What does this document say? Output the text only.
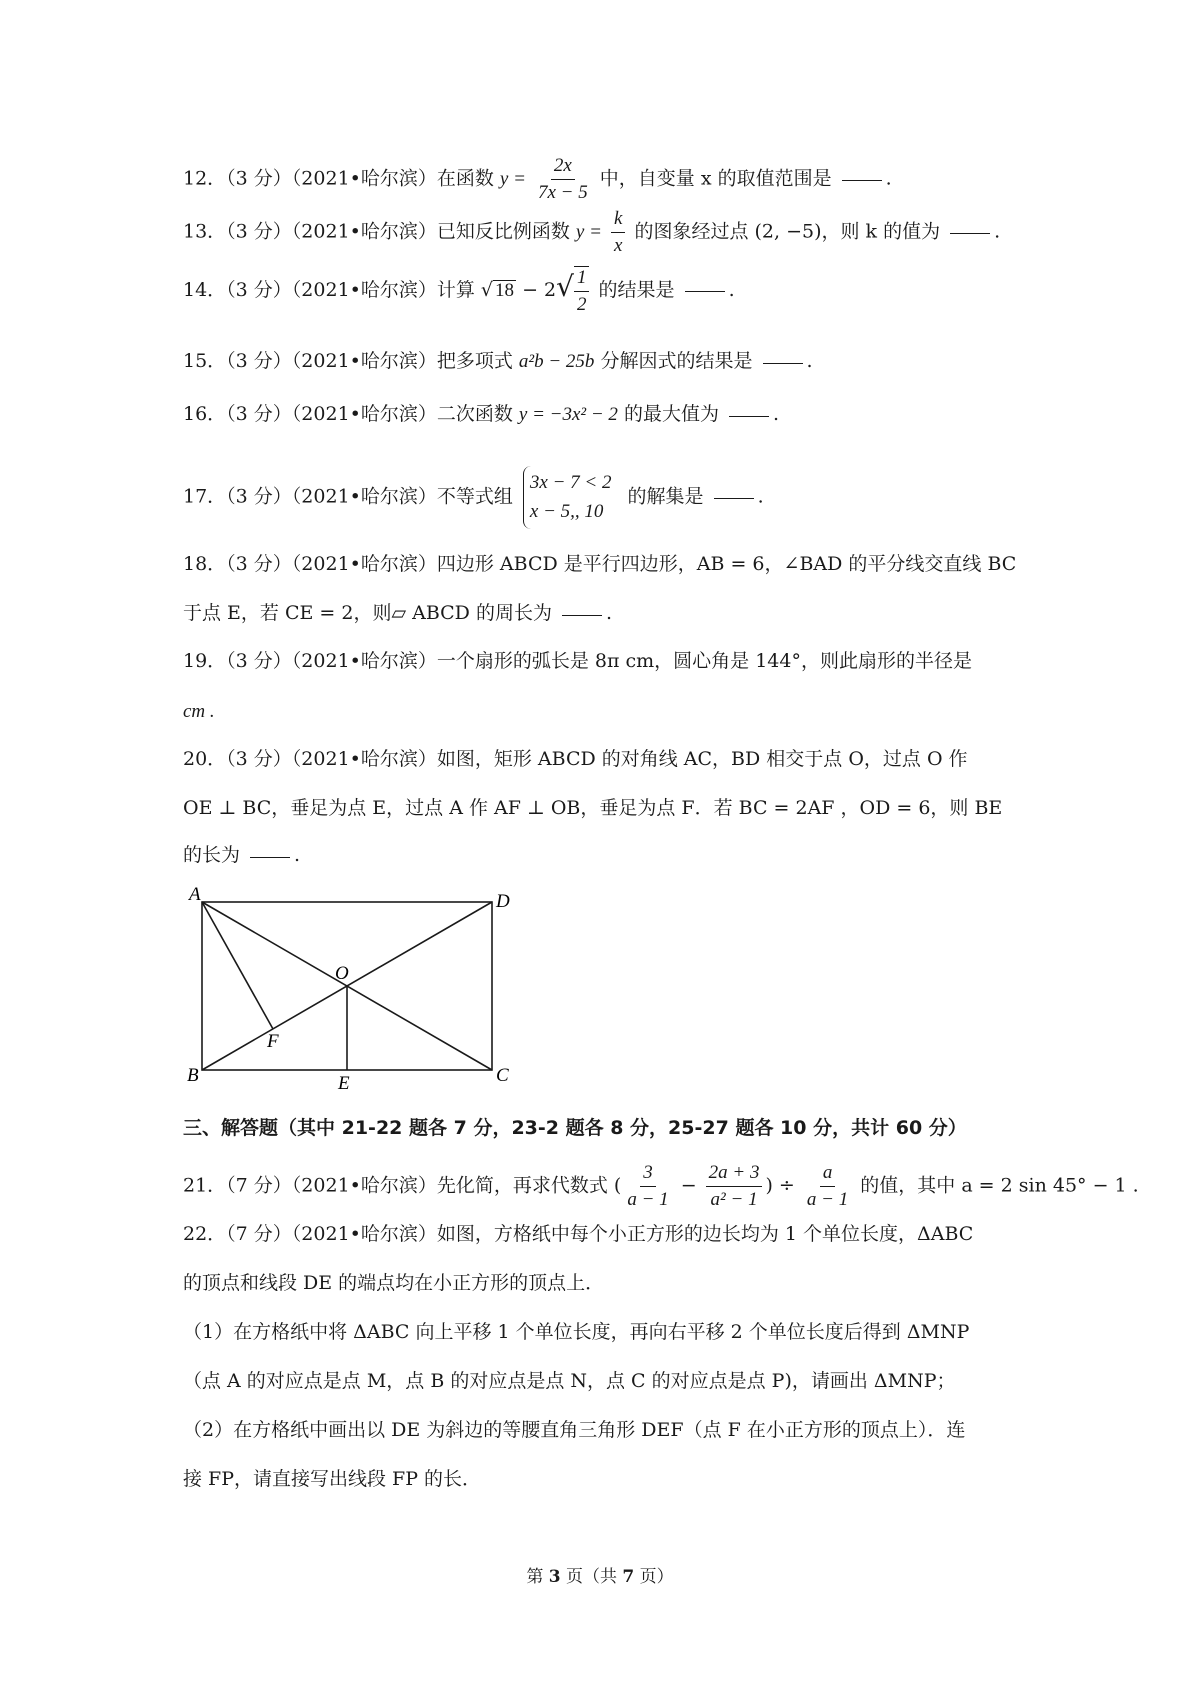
12．（3 分）（2021•哈尔滨）在函数 $y = \frac{2x}{7x - 5}$ 中，自变量 x 的取值范围是	.
13．（3 分）（2021•哈尔滨）已知反比例函数 $y = \frac{k}{x}$ 的图象经过点 (2, −5)，则 k 的值为	.
14．（3 分）（2021•哈尔滨）计算 √ $18 - 2√ \frac{1}{2}$ 的结果是	.
15．（3 分）（2021•哈尔滨）把多项式 a²b − 25b 分解因式的结果是	.
16．（3 分）（2021•哈尔滨）二次函数 y = −3x² − 2 的最大值为	.
17．（3 分）（2021•哈尔滨）不等式组
3x − 7 < 2
x − 5,, 10
的解集是	.
18．（3 分）（2021•哈尔滨）四边形 ABCD 是平行四边形，AB = 6，∠BAD 的平分线交直线 BC
于点 E，若 CE = 2，则▱ ABCD 的周长为	.
19．（3 分）（2021•哈尔滨）一个扇形的弧长是 8π cm，圆心角是 144°，则此扇形的半径是
cm .
20．（3 分）（2021•哈尔滨）如图，矩形 ABCD 的对角线 AC，BD 相交于点 O，过点 O 作
OE ⊥ BC，垂足为点 E，过点 A 作 AF ⊥ OB，垂足为点 F．若 BC = 2AF ，OD = 6，则 BE
的长为	.
A
B	C
D
O
E
F
三、解答题（其中 21-22 题各 7 分，23-2 题各 8 分，25-27 题各 10 分，共计 60 分）
21．（7 分）（2021•哈尔滨）先化简，再求代数式 ( $\frac{3}{a - 1} - \frac{2a + 3}{\text{a² − 1}}$ ) ÷ $\frac{a}{a - 1}$ 的值，其中 a = 2 sin 45° − 1 .
22．（7 分）（2021•哈尔滨）如图，方格纸中每个小正方形的边长均为 1 个单位长度，ΔABC
的顶点和线段 DE 的端点均在小正方形的顶点上．
（1）在方格纸中将 ΔABC 向上平移 1 个单位长度，再向右平移 2 个单位长度后得到 ΔMNP
（点 A 的对应点是点 M，点 B 的对应点是点 N，点 C 的对应点是点 P)，请画出 ΔMNP；
（2）在方格纸中画出以 DE 为斜边的等腰直角三角形 DEF（点 F 在小正方形的顶点上）．连
接 FP，请直接写出线段 FP 的长．
第 3 页（共 7 页）
